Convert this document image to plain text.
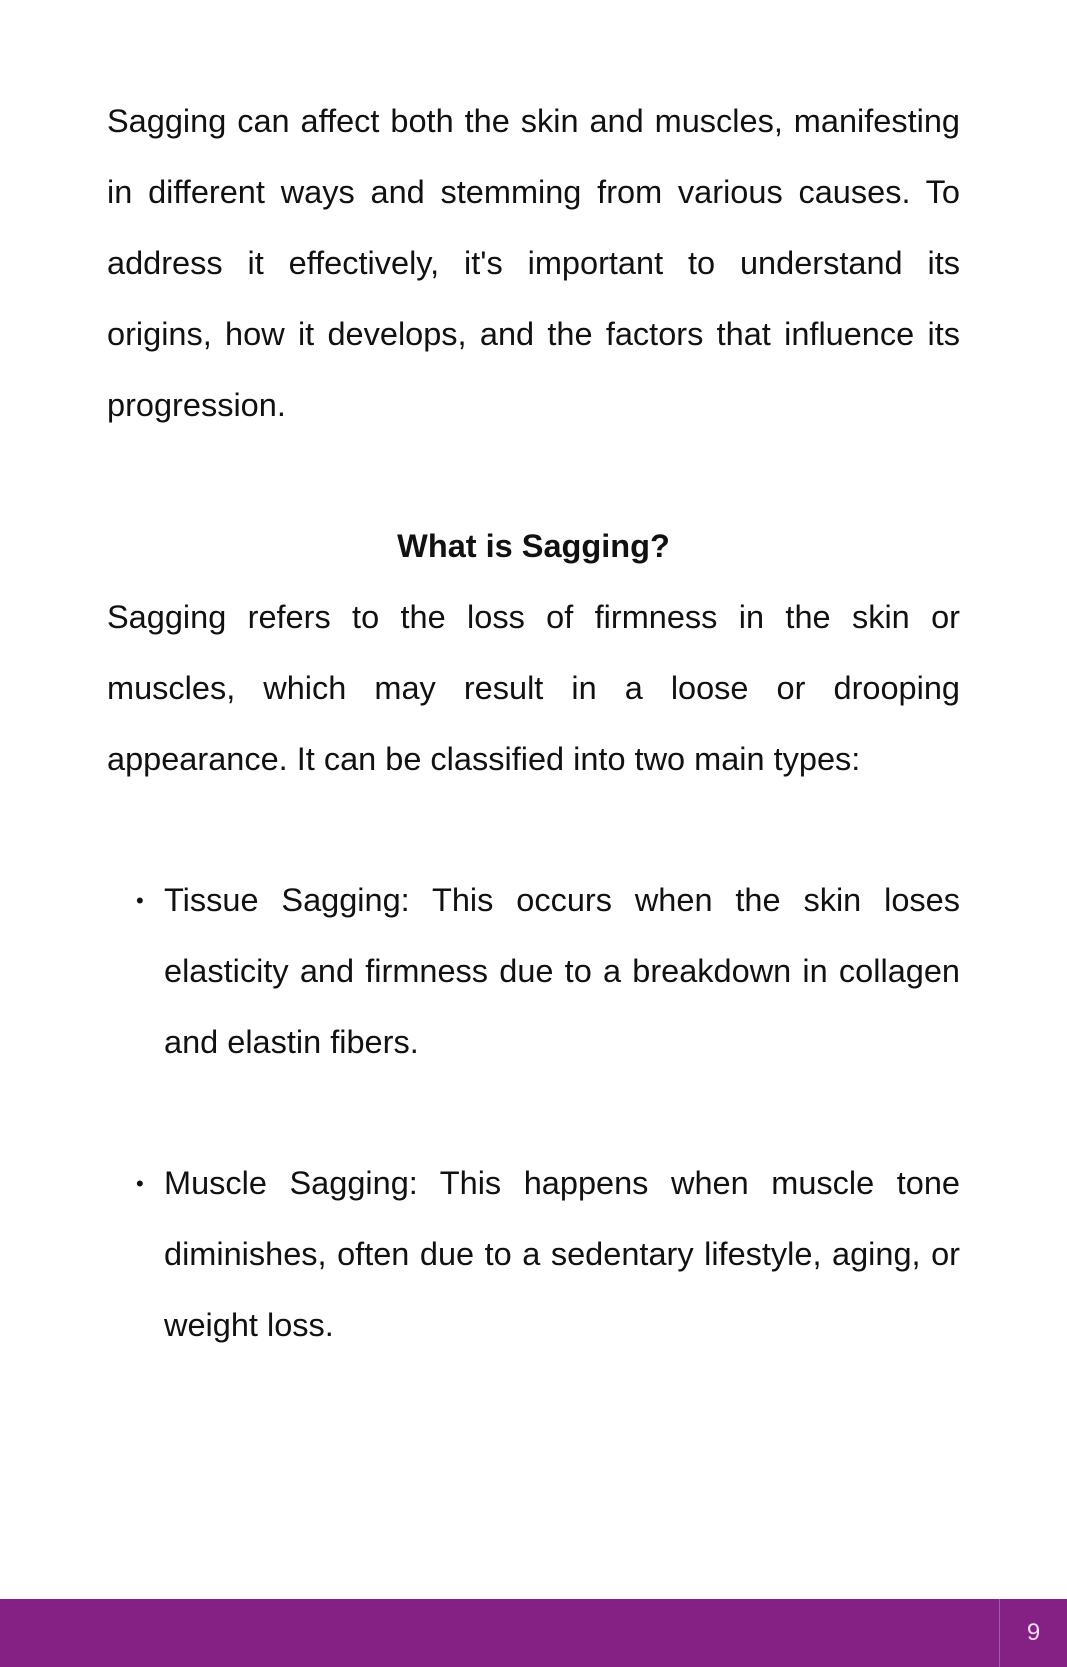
Sagging can affect both the skin and muscles, manifesting in different ways and stemming from various causes. To address it effectively, it's important to understand its origins, how it develops, and the factors that influence its progression.

What is Sagging?

Sagging refers to the loss of firmness in the skin or muscles, which may result in a loose or drooping appearance. It can be classified into two main types:

• Tissue Sagging: This occurs when the skin loses elasticity and firmness due to a breakdown in collagen and elastin fibers.
• Muscle Sagging: This happens when muscle tone diminishes, often due to a sedentary lifestyle, aging, or weight loss.
9
